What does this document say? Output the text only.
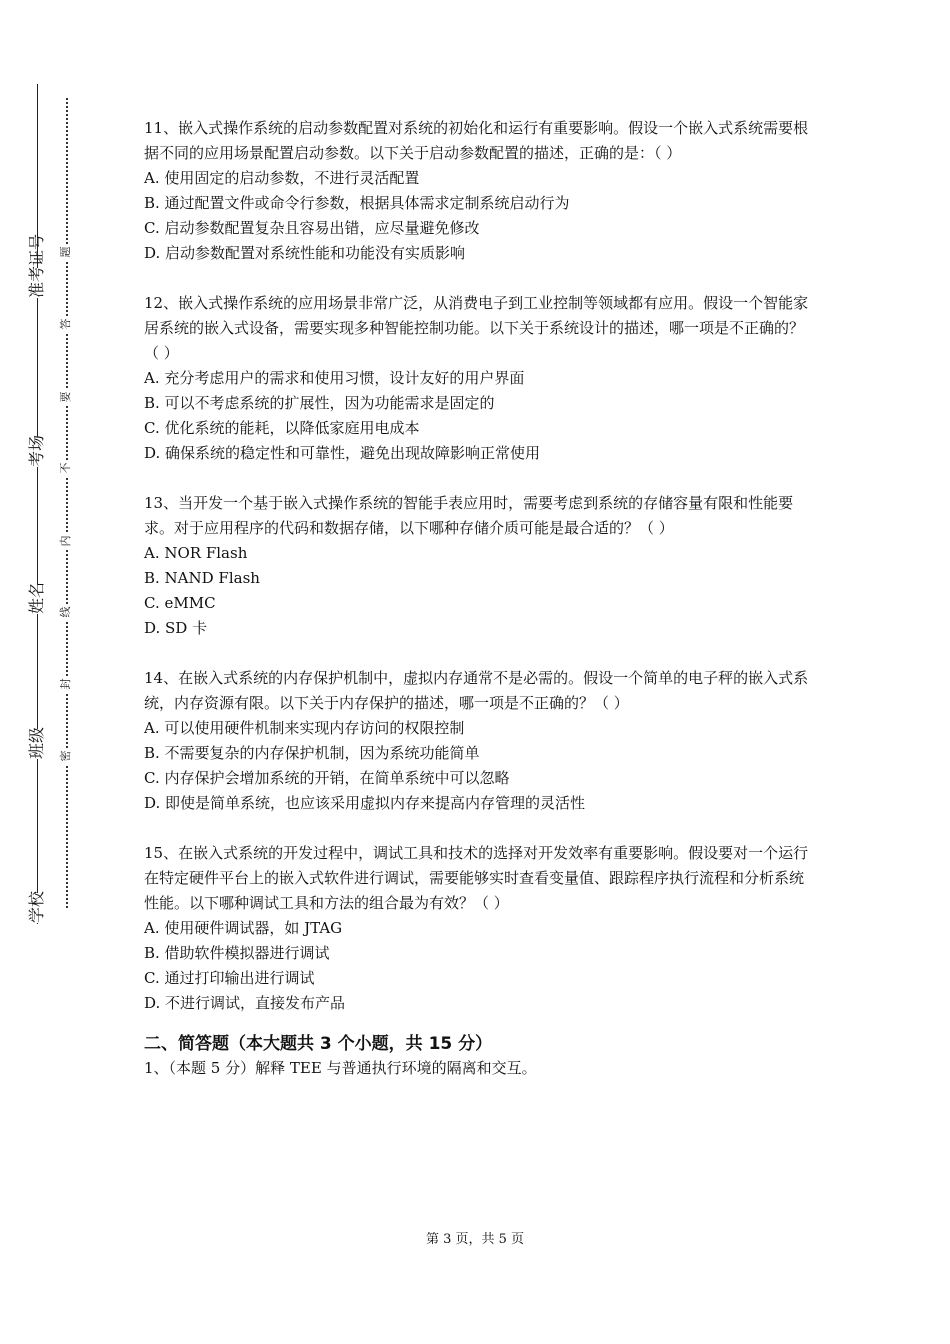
准考证号
考场
姓名
班级
学校
题
答
要
不
内
线
封
密

11、嵌入式操作系统的启动参数配置对系统的初始化和运行有重要影响。假设一个嵌入式系统需要根据不同的应用场景配置启动参数。以下关于启动参数配置的描述，正确的是：（ ）

A. 使用固定的启动参数，不进行灵活配置

B. 通过配置文件或命令行参数，根据具体需求定制系统启动行为

C. 启动参数配置复杂且容易出错，应尽量避免修改

D. 启动参数配置对系统性能和功能没有实质影响

12、嵌入式操作系统的应用场景非常广泛，从消费电子到工业控制等领域都有应用。假设一个智能家居系统的嵌入式设备，需要实现多种智能控制功能。以下关于系统设计的描述，哪一项是不正确的？（ ）

A. 充分考虑用户的需求和使用习惯，设计友好的用户界面

B. 可以不考虑系统的扩展性，因为功能需求是固定的

C. 优化系统的能耗，以降低家庭用电成本

D. 确保系统的稳定性和可靠性，避免出现故障影响正常使用

13、当开发一个基于嵌入式操作系统的智能手表应用时，需要考虑到系统的存储容量有限和性能要求。对于应用程序的代码和数据存储，以下哪种存储介质可能是最合适的？（ ）

A. NOR Flash

B. NAND Flash

C. eMMC

D. SD 卡

14、在嵌入式系统的内存保护机制中，虚拟内存通常不是必需的。假设一个简单的电子秤的嵌入式系统，内存资源有限。以下关于内存保护的描述，哪一项是不正确的？（ ）

A. 可以使用硬件机制来实现内存访问的权限控制

B. 不需要复杂的内存保护机制，因为系统功能简单

C. 内存保护会增加系统的开销，在简单系统中可以忽略

D. 即使是简单系统，也应该采用虚拟内存来提高内存管理的灵活性

15、在嵌入式系统的开发过程中，调试工具和技术的选择对开发效率有重要影响。假设要对一个运行在特定硬件平台上的嵌入式软件进行调试，需要能够实时查看变量值、跟踪程序执行流程和分析系统性能。以下哪种调试工具和方法的组合最为有效？（ ）

A. 使用硬件调试器，如 JTAG

B. 借助软件模拟器进行调试

C. 通过打印输出进行调试

D. 不进行调试，直接发布产品

二、简答题（本大题共 3 个小题，共 15 分）

1、（本题 5 分）解释 TEE 与普通执行环境的隔离和交互。

第 3 页，共 5 页
